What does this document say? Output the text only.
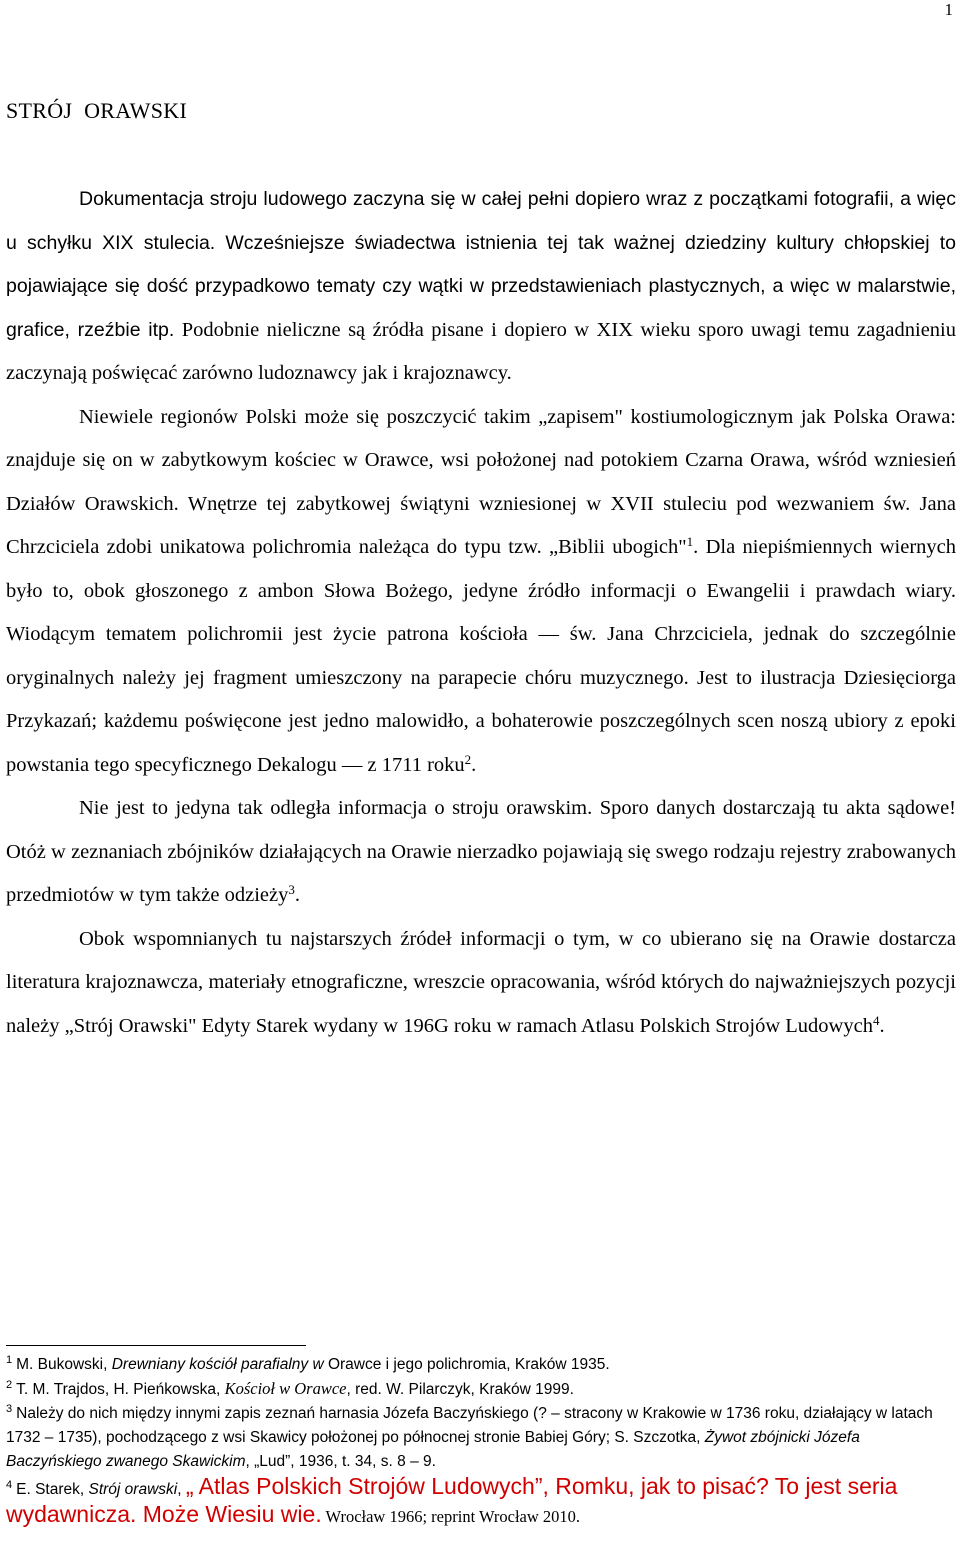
1
STRÓJ ORAWSKI

Dokumentacja stroju ludowego zaczyna się w całej pełni dopiero wraz z początkami fotografii, a więc u schyłku XIX stulecia. Wcześniejsze świadectwa istnienia tej tak ważnej dziedziny kultury chłopskiej to pojawiające się dość przypadkowo tematy czy wątki w przedstawieniach plastycznych, a więc w malarstwie, grafice, rzeźbie itp. Podobnie nieliczne są źródła pisane i dopiero w XIX wieku sporo uwagi temu zagadnieniu zaczynają poświęcać zarówno ludoznawcy jak i krajoznawcy.

Niewiele regionów Polski może się poszczycić takim „zapisem" kostiumologicznym jak Polska Orawa: znajduje się on w zabytkowym kościec w Orawce, wsi położonej nad potokiem Czarna Orawa, wśród wzniesień Działów Orawskich. Wnętrze tej zabytkowej świątyni wzniesionej w XVII stuleciu pod wezwaniem św. Jana Chrzciciela zdobi unikatowa polichromia należąca do typu tzw. „Biblii ubogich"$^1$. Dla niepiśmiennych wiernych było to, obok głoszonego z ambon Słowa Bożego, jedyne źródło informacji o Ewangelii i prawdach wiary. Wiodącym tematem polichromii jest życie patrona kościoła — św. Jana Chrzciciela, jednak do szczególnie oryginalnych należy jej fragment umieszczony na parapecie chóru muzycznego. Jest to ilustracja Dziesięciorga Przykazań; każdemu poświęcone jest jedno malowidło, a bohaterowie poszczególnych scen noszą ubiory z epoki powstania tego specyficznego Dekalogu — z 1711 roku$^2$.

Nie jest to jedyna tak odległa informacja o stroju orawskim. Sporo danych dostarczają tu akta sądowe! Otóż w zeznaniach zbójników działających na Orawie nierzadko pojawiają się swego rodzaju rejestry zrabowanych przedmiotów w tym także odzieży$^3$.

Obok wspomnianych tu najstarszych źródeł informacji o tym, w co ubierano się na Orawie dostarcza literatura krajoznawcza, materiały etnograficzne, wreszcie opracowania, wśród których do najważniejszych pozycji należy „Strój Orawski" Edyty Starek wydany w 196G roku w ramach Atlasu Polskich Strojów Ludowych$^4$.

$^1$ M. Bukowski, Drewniany kościół parafialny w Orawce i jego polichromia, Kraków 1935.

$^2$ T. M. Trajdos, H. Pieńkowska, Kościoł w Orawce, red. W. Pilarczyk, Kraków 1999.

$^3$ Należy do nich między innymi zapis zeznań harnasia Józefa Baczyńskiego (? – stracony w Krakowie w 1736 roku, działający w latach 1732 – 1735), pochodzącego z wsi Skawicy położonej po północnej stronie Babiej Góry; S. Szczotka, Żywot zbójnicki Józefa Baczyńskiego zwanego Skawickim, „Lud”, 1936, t. 34, s. 8 – 9.

$^4$ E. Starek, Strój orawski, „ Atlas Polskich Strojów Ludowych”, Romku, jak to pisać? To jest seria wydawnicza. Może Wiesiu wie. Wrocław 1966; reprint Wrocław 2010.
